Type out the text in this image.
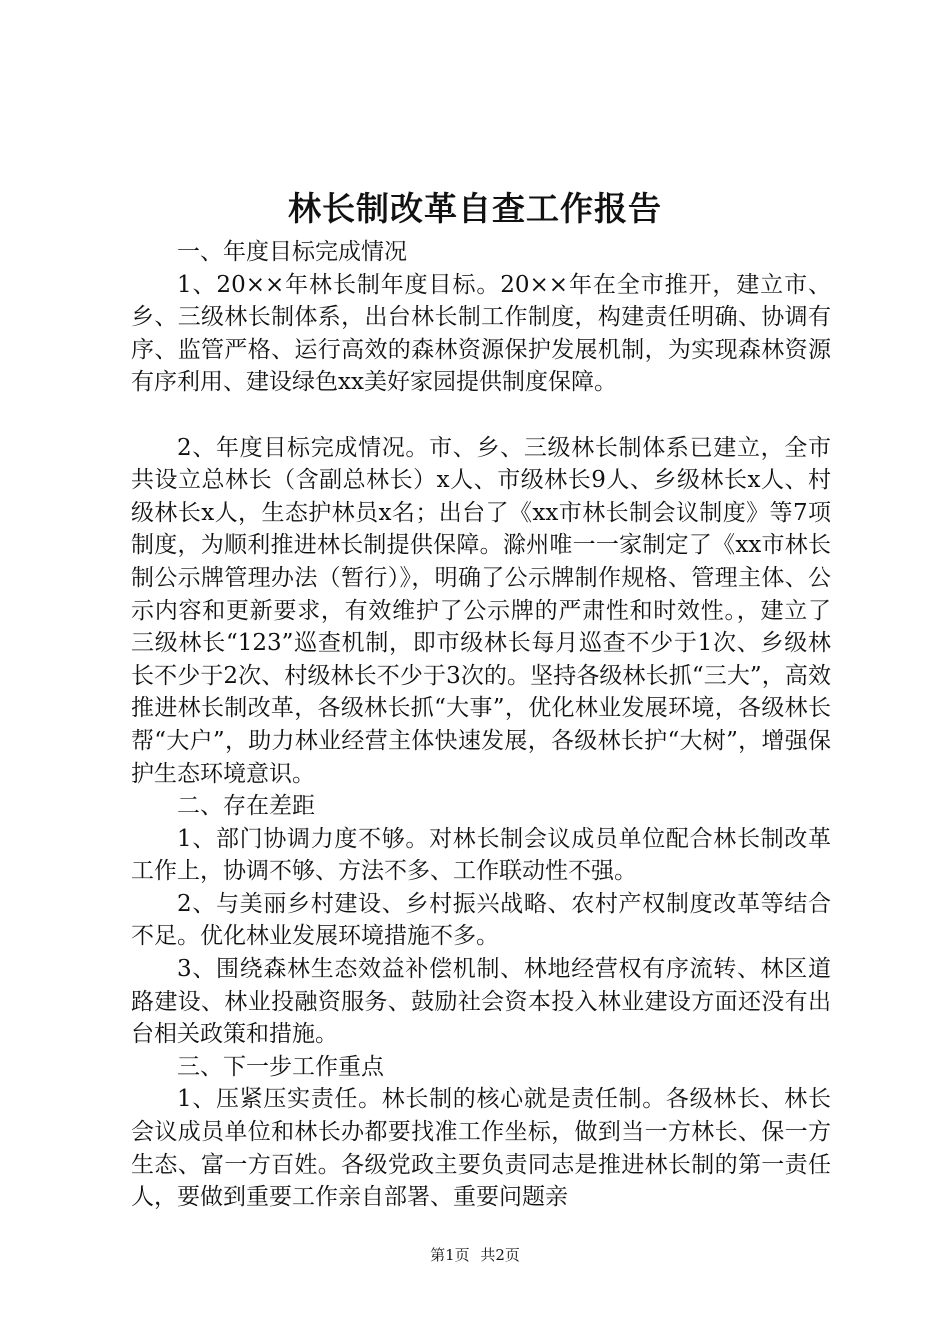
林长制改革自查工作报告

一、年度目标完成情况

1、20××年林长制年度目标。20××年在全市推开，建立市、乡、三级林长制体系，出台林长制工作制度，构建责任明确、协调有序、监管严格、运行高效的森林资源保护发展机制，为实现森林资源有序利用、建设绿色xx美好家园提供制度保障。

2、年度目标完成情况。市、乡、三级林长制体系已建立，全市共设立总林长（含副总林长）x人、市级林长9人、乡级林长x人、村级林长x人，生态护林员x名；出台了《xx市林长制会议制度》等7项制度，为顺利推进林长制提供保障。滁州唯一一家制定了《xx市林长制公示牌管理办法（暂行）》，明确了公示牌制作规格、管理主体、公示内容和更新要求，有效维护了公示牌的严肃性和时效性。，建立了三级林长“123”巡查机制，即市级林长每月巡查不少于1次、乡级林长不少于2次、村级林长不少于3次的。坚持各级林长抓“三大”，高效推进林长制改革，各级林长抓“大事”，优化林业发展环境，各级林长帮“大户”，助力林业经营主体快速发展，各级林长护“大树”，增强保护生态环境意识。

二、存在差距

1、部门协调力度不够。对林长制会议成员单位配合林长制改革工作上，协调不够、方法不多、工作联动性不强。

2、与美丽乡村建设、乡村振兴战略、农村产权制度改革等结合不足。优化林业发展环境措施不多。

3、围绕森林生态效益补偿机制、林地经营权有序流转、林区道路建设、林业投融资服务、鼓励社会资本投入林业建设方面还没有出台相关政策和措施。

三、下一步工作重点

1、压紧压实责任。林长制的核心就是责任制。各级林长、林长会议成员单位和林长办都要找准工作坐标，做到当一方林长、保一方生态、富一方百姓。各级党政主要负责同志是推进林长制的第一责任人，要做到重要工作亲自部署、重要问题亲

第1页 共2页
